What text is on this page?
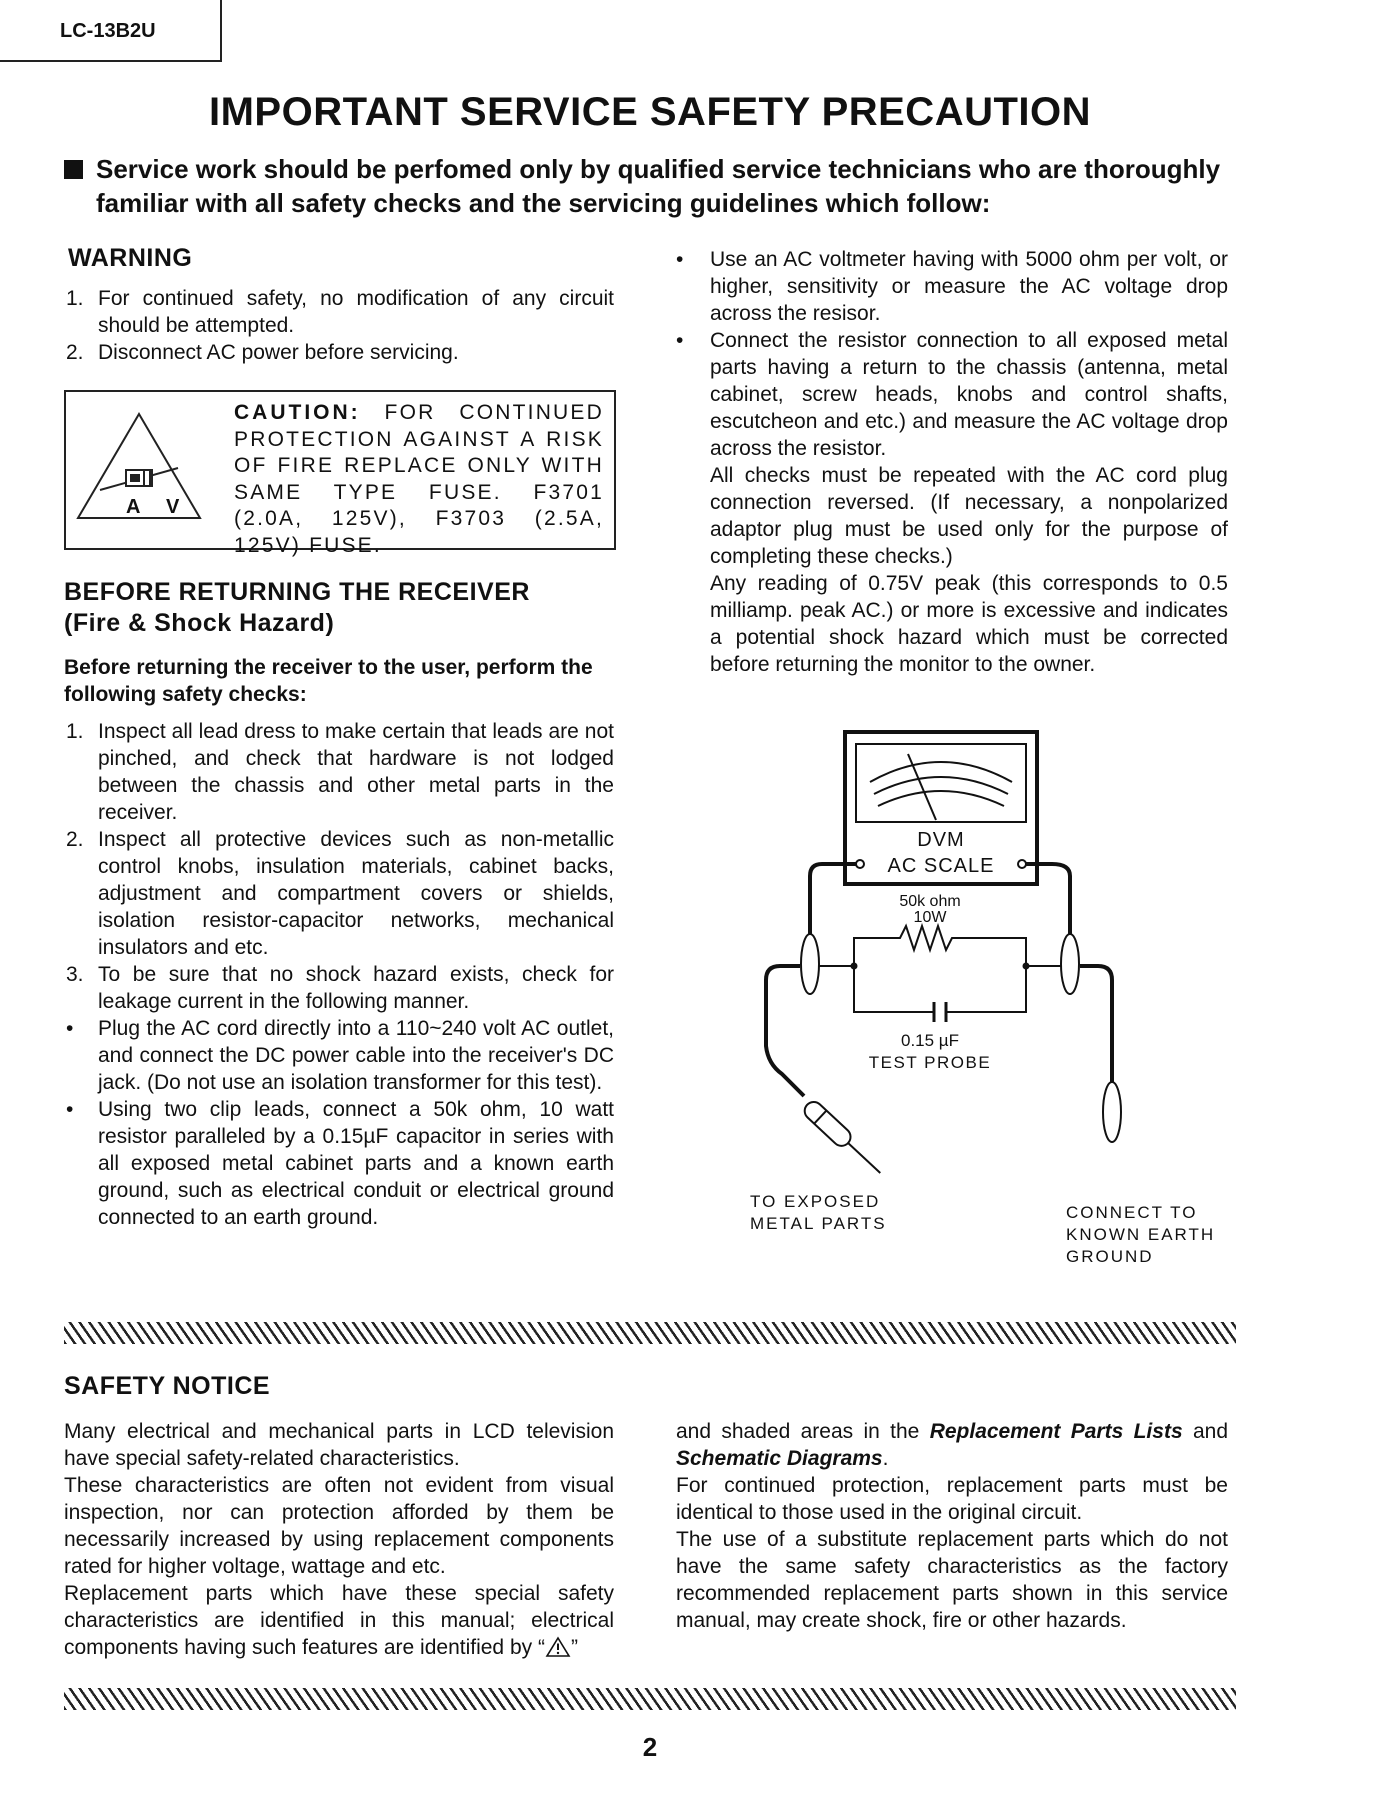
LC-13B2U
IMPORTANT SERVICE SAFETY PRECAUTION

Service work should be perfomed only by qualified service technicians who are thoroughly familiar with all safety checks and the servicing guidelines which follow:

WARNING
1. For continued safety, no modification of any circuit should be attempted.
2. Disconnect AC power before servicing.
A V
CAUTION: FOR CONTINUED PROTECTION AGAINST A RISK OF FIRE REPLACE ONLY WITH SAME TYPE FUSE. F3701 (2.0A, 125V), F3703 (2.5A, 125V) FUSE.
BEFORE RETURNING THE RECEIVER
(Fire & Shock Hazard)
Before returning the receiver to the user, perform the following safety checks:
1. Inspect all lead dress to make certain that leads are not pinched, and check that hardware is not lodged between the chassis and other metal parts in the receiver.
2. Inspect all protective devices such as non-metallic control knobs, insulation materials, cabinet backs, adjustment and compartment covers or shields, isolation resistor-capacitor networks, mechanical insulators and etc.
3. To be sure that no shock hazard exists, check for leakage current in the following manner.
• Plug the AC cord directly into a 110~240 volt AC outlet, and connect the DC power cable into the receiver's DC jack. (Do not use an isolation transformer for this test).
• Using two clip leads, connect a 50k ohm, 10 watt resistor paralleled by a 0.15µF capacitor in series with all exposed metal cabinet parts and a known earth ground, such as electrical conduit or electrical ground connected to an earth ground.
• Use an AC voltmeter having with 5000 ohm per volt, or higher, sensitivity or measure the AC voltage drop across the resisor.

• Connect the resistor connection to all exposed metal parts having a return to the chassis (antenna, metal cabinet, screw heads, knobs and control shafts, escutcheon and etc.) and measure the AC voltage drop across the resistor.

All checks must be repeated with the AC cord plug connection reversed. (If necessary, a nonpolarized adaptor plug must be used only for the purpose of completing these checks.)

Any reading of 0.75V peak (this corresponds to 0.5 milliamp. peak AC.) or more is excessive and indicates a potential shock hazard which must be corrected before returning the monitor to the owner.

DVM
AC SCALE
50k ohm
10W
0.15 µF
TEST PROBE
TO EXPOSED
METAL PARTS
CONNECT TO
KNOWN EARTH
GROUND
SAFETY NOTICE

Many electrical and mechanical parts in LCD television have special safety-related characteristics.

These characteristics are often not evident from visual inspection, nor can protection afforded by them be necessarily increased by using replacement components rated for higher voltage, wattage and etc.

Replacement parts which have these special safety characteristics are identified in this manual; electrical components having such features are identified by “ ”

and shaded areas in the Replacement Parts Lists and Schematic Diagrams.

For continued protection, replacement parts must be identical to those used in the original circuit.

The use of a substitute replacement parts which do not have the same safety characteristics as the factory recommended replacement parts shown in this service manual, may create shock, fire or other hazards.

2
